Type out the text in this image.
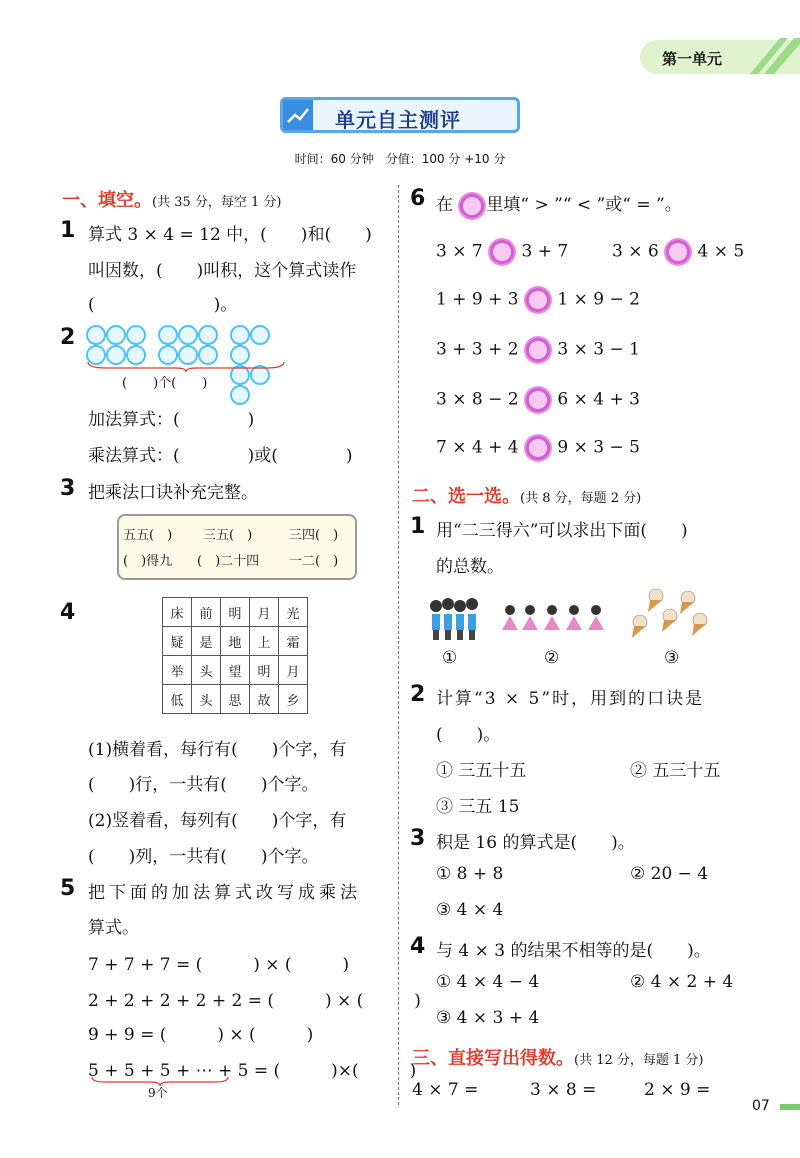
第一单元
单元自主测评
时间：60 分钟　分值：100 分 +10 分
一、填空。(共 35 分，每空 1 分)
1 算式 3 × 4 = 12 中，(　　)和(　　)
叫因数，(　　)叫积，这个算式读作
(　　　　　　　)。
2

(　　)个(　　)
加法算式：(　　　　)
乘法算式：(　　　　)或(　　　　)
3 把乘法口诀补充完整。
五五(　) 三五(　)	三四(　)
(　)得九 (　)二十四 一二(　)
4	床	前	明	月	光
疑	是	地	上	霜
举	头	望	明	月
低	头	思	故	乡
(1)横着看，每行有(　　)个字，有
(　　)行，一共有(　　)个字。
(2)竖着看，每列有(　　)个字，有
(　　)列，一共有(　　)个字。
5 把下面的加法算式改写成乘法
算式。
7 + 7 + 7 = (　　　) × (　　　)
2 + 2 + 2 + 2 + 2 = (　　　) × (　　　)
9 + 9 = (　　　) × (　　　)
5 + 5 + 5 + ⋯ + 5 = (　　　)×(　　　)
9个
6 在 里填“ > ”“ < ”或“ = ”。
3 × 7 3 + 7	3 × 6 4 × 5
1 + 9 + 3 1 × 9 − 2
3 + 3 + 2 3 × 3 − 1
3 × 8 − 2 6 × 4 + 3
7 × 4 + 4 9 × 3 − 5
二、选一选。(共 8 分，每题 2 分)
1 用“二三得六”可以求出下面(　　)
的总数。
①	②	③
2 计算“3 × 5”时，用到的口诀是
(　　)。
① 三五十五	② 五三十五
③ 三五 15
3 积是 16 的算式是(　　)。
① 8 + 8	② 20 − 4
③ 4 × 4
4 与 4 × 3 的结果不相等的是(　　)。
① 4 × 4 − 4	② 4 × 2 + 4
③ 4 × 3 + 4
三、直接写出得数。(共 12 分，每题 1 分)
4 × 7 =	3 × 8 =	2 × 9 =
07
